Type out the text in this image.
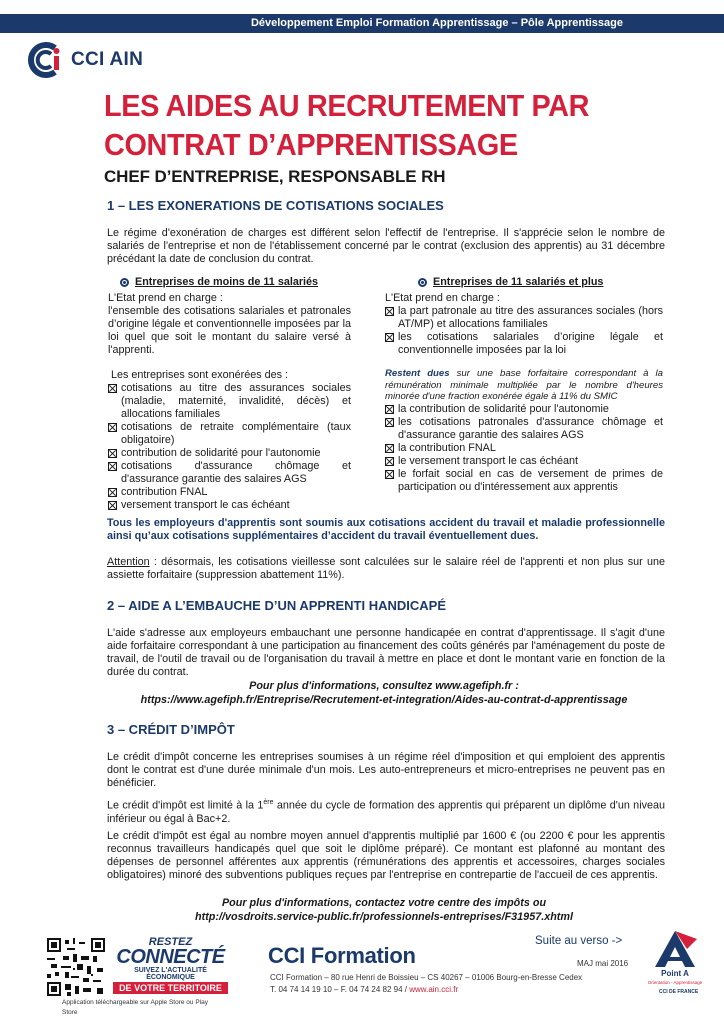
Développement Emploi Formation Apprentissage – Pôle Apprentissage
CCI AIN
LES AIDES AU RECRUTEMENT PAR
CONTRAT D’APPRENTISSAGE
CHEF D’ENTREPRISE, RESPONSABLE RH
1 – LES EXONERATIONS DE COTISATIONS SOCIALES
Le régime d'exonération de charges est différent selon l'effectif de l'entreprise. Il s'apprécie selon le nombre de salariés de l'entreprise et non de l'établissement concerné par le contrat (exclusion des apprentis) au 31 décembre précédant la date de conclusion du contrat.
Entreprises de moins de 11 salariés
L'Etat prend en charge :
l'ensemble des cotisations salariales et patronales d’origine légale et conventionnelle imposées par la loi quel que soit le montant du salaire versé à l'apprenti.
Les entreprises sont exonérées des :
cotisations au titre des assurances sociales (maladie, maternité, invalidité, décès) et allocations familiales
cotisations de retraite complémentaire (taux obligatoire)
contribution de solidarité pour l'autonomie
cotisations d'assurance chômage et d'assurance garantie des salaires AGS
contribution FNAL
versement transport le cas échéant
Entreprises de 11 salariés et plus
L'Etat prend en charge :
la part patronale au titre des assurances sociales (hors AT/MP) et allocations familiales
les cotisations salariales d’origine légale et conventionnelle imposées par la loi
Restent dues sur une base forfaitaire correspondant à la rémunération minimale multipliée par le nombre d'heures minorée d'une fraction exonérée égale à 11% du SMIC
la contribution de solidarité pour l'autonomie
les cotisations patronales d'assurance chômage et d'assurance garantie des salaires AGS
la contribution FNAL
le versement transport le cas échéant
le forfait social en cas de versement de primes de participation ou d'intéressement aux apprentis
Tous les employeurs d'apprentis sont soumis aux cotisations accident du travail et maladie professionnelle ainsi qu’aux cotisations supplémentaires d’accident du travail éventuellement dues.
Attention : désormais, les cotisations vieillesse sont calculées sur le salaire réel de l'apprenti et non plus sur une assiette forfaitaire (suppression abattement 11%).
2 – AIDE A L’EMBAUCHE D’UN APPRENTI HANDICAPÉ
L'aide s'adresse aux employeurs embauchant une personne handicapée en contrat d'apprentissage. Il s'agit d'une aide forfaitaire correspondant à une participation au financement des coûts générés par l'aménagement du poste de travail, de l'outil de travail ou de l'organisation du travail à mettre en place et dont le montant varie en fonction de la durée du contrat.
Pour plus d'informations, consultez www.agefiph.fr :
https://www.agefiph.fr/Entreprise/Recrutement-et-integration/Aides-au-contrat-d-apprentissage
3 – CRÉDIT D’IMPÔT
Le crédit d'impôt concerne les entreprises soumises à un régime réel d'imposition et qui emploient des apprentis dont le contrat est d'une durée minimale d'un mois. Les auto-entrepreneurs et micro-entreprises ne peuvent pas en bénéficier.
Le crédit d'impôt est limité à la 1ère année du cycle de formation des apprentis qui préparent un diplôme d'un niveau inférieur ou égal à Bac+2.
Le crédit d'impôt est égal au nombre moyen annuel d'apprentis multiplié par 1600 € (ou 2200 € pour les apprentis reconnus travailleurs handicapés quel que soit le diplôme préparé). Ce montant est plafonné au montant des dépenses de personnel afférentes aux apprentis (rémunérations des apprentis et accessoires, charges sociales obligatoires) minoré des subventions publiques reçues par l'entreprise en contrepartie de l'accueil de ces apprentis.
Pour plus d'informations, contactez votre centre des impôts ou
http://vosdroits.service-public.fr/professionnels-entreprises/F31957.xhtml
RESTEZ
CONNECTÉ
SUIVEZ L'ACTUALITÉ ÉCONOMIQUE
DE VOTRE TERRITOIRE
Application téléchargeable sur Apple Store ou Play Store
CCI Formation
CCI Formation – 80 rue Henri de Boissieu – CS 40267 – 01006 Bourg-en-Bresse Cedex
T. 04 74 14 19 10 – F. 04 74 24 82 94 / www.ain.cci.fr
Suite au verso ->
MAJ mai 2016
Point A
Orientation - Apprentissage
CCI DE FRANCE
